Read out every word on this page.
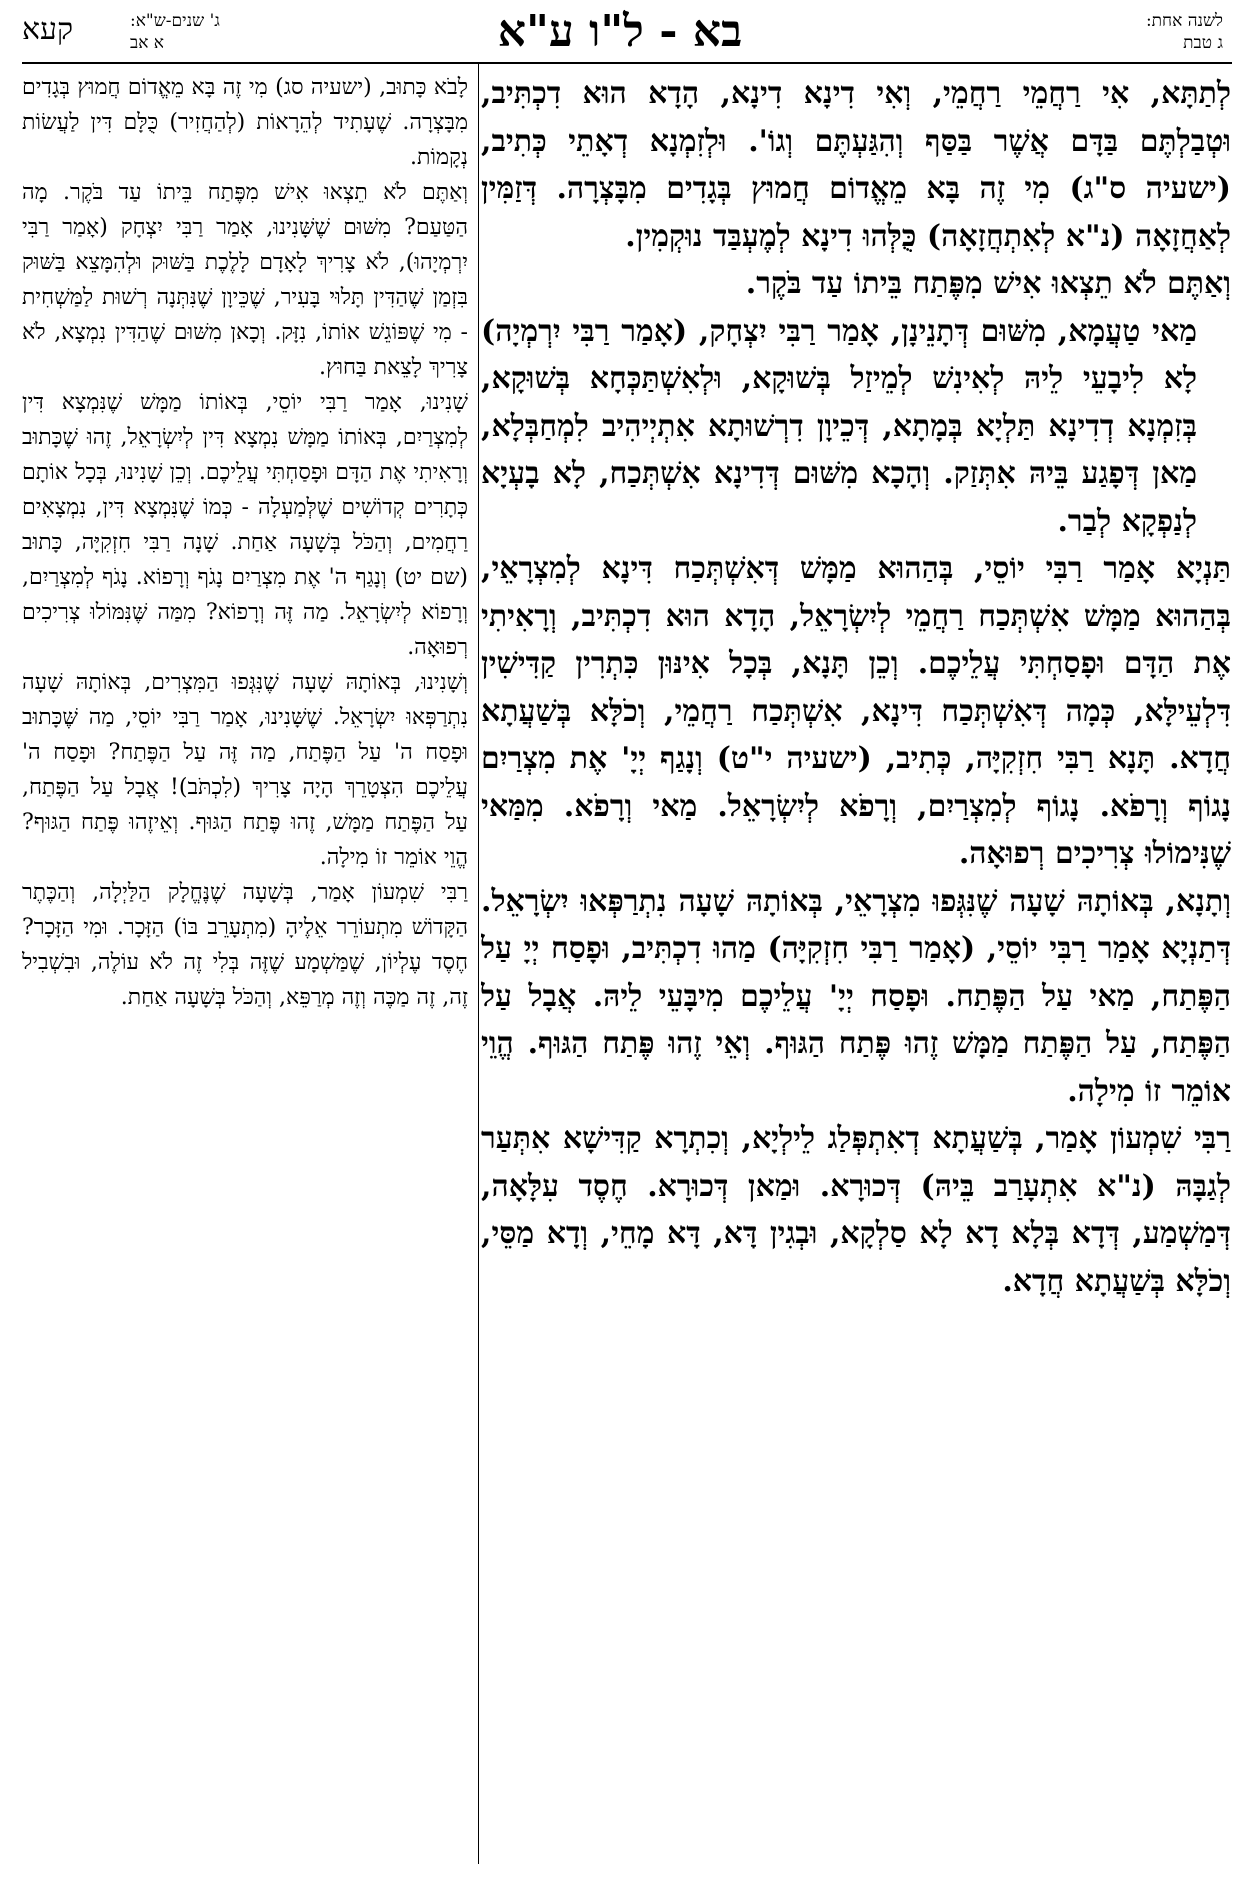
לשנה אחת:
ג טבת
בא - ל"ו ע"א
ג' שנים-ש"א:
א אב
קעא

לְתַתָּא, אִי רַחֲמֵי רַחֲמֵי, וְאִי דִינָא דִינָא, הָדָא הוּא דִכְתִּיב, וּטְבַלְתֶּם בַּדָּם אֲשֶׁר בַּסַּף וְהִגַּעְתֶּם וְגוֹ'. וּלְזִמְנָא דְאָתֵי כְּתִיב, (ישעיה ס"ג) מִי זֶה בָּא מֵאֱדוֹם חֲמוּץ בְּגָדִים מִבָּצְרָה. דְּזַמִּין לְאַחֲזָאָה (נ"א לְאִתְחֲזָאָה) כֻּלְּהוּ דִינָא לְמֶעְבַּד נוּקְמִין.

וְאַתֶּם לֹא תֵצְאוּ אִישׁ מִפֶּתַח בֵּיתוֹ עַד בֹּקֶר.

מַאי טַעֲמָא, מִשּׁוּם דְּתָנֵינָן, אָמַר רַבִּי יִצְחָק, (אָמַר רַבִּי יִרְמְיָה) לָא לִיבָעֵי לֵיהּ לְאִינִשׁ לְמֵיזַל בְּשׁוּקָא, וּלְאִשְׁתַּכְּחָא בְּשׁוּקָא, בְּזִמְנָא דְדִינָא תַּלְיָא בְּמָתָא, דְּכֵיוָן דִרְשׁוּתָא אִתְיְיהִיב לִמְחַבְּלָא, מַאן דְּפָגַע בֵּיהּ אִתְּזַק. וְהָכָא מִשּׁוּם דְּדִינָא אִשְׁתְּכַח, לָא בָעְיָא לְנַפְקָא לְבַר.

תַּנְיָא אָמַר רַבִּי יוֹסֵי, בְּהַהוּא מַמָּשׁ דְּאִשְׁתְּכַח דִּינָא לְמִצְרָאֵי, בְּהַהוּא מַמָּשׁ אִשְׁתְּכַח רַחֲמֵי לְיִשְׂרָאֵל, הָדָא הוּא דִכְתִּיב, וְרָאִיתִי אֶת הַדָּם וּפָסַחְתִּי עֲלֵיכֶם. וְכֵן תָּנָא, בְּכָל אִינּוּן כִּתְרִין קַדִּישִׁין דִּלְעֵילָּא, כְּמָה דְּאִשְׁתְּכַח דִּינָא, אִשְׁתְּכַח רַחֲמֵי, וְכֹלָּא בְּשַׁעֲתָא חֲדָא. תָּנָא רַבִּי חִזְקִיָּה, כְּתִיב, (ישעיה י"ט) וְנָגַף יְיָ' אֶת מִצְרַיִם נָגוֹף וְרָפֹא. נָגוֹף לְמִצְרַיִם, וְרָפֹא לְיִשְׂרָאֵל. מַאי וְרָפֹא. מִמַּאי שֶׁנִּימוֹלוּ צְרִיכִים רְפוּאָה.

וְתָנָא, בְּאוֹתָהּ שָׁעָה שֶׁנִּגְּפוּ מִצְרָאֵי, בְּאוֹתָהּ שָׁעָה נִתְרַפְּאוּ יִשְׂרָאֵל. דְּתַנְיָא אָמַר רַבִּי יוֹסֵי, (אָמַר רַבִּי חִזְקִיָּה) מַהוּ דִכְתִּיב, וּפָסַח יְיָ עַל הַפֶּתַח, מַאי עַל הַפֶּתַח. וּפָסַח יְיָ' עֲלֵיכֶם מִיבָּעֵי לֵיהּ. אֲבָל עַל הַפֶּתַח, עַל הַפֶּתַח מַמָּשׁ זֶהוּ פֶּתַח הַגּוּף. וְאֵי זֶהוּ פֶּתַח הַגּוּף. הֱוֵי אוֹמֵר זוֹ מִילָה.

רַבִּי שִׁמְעוֹן אָמַר, בְּשַׁעֲתָא דְאִתְפְּלַג לֵילְיָא, וְכִתְרָא קַדִּישָׁא אִתְּעַר לְגַבָּהּ (נ"א אִתְעָרַב בֵּיהּ) דְּכוּרָא. וּמַאן דְּכוּרָא. חֶסֶד עִלָּאָה, דְּמַשְׁמַע, דְּדָא בְּלָא דָא לָא סַלְקָא, וּבְגִין דָּא, דָּא מָחֵי, וְדָא מַסֵּי, וְכֹלָּא בְּשַׁעֲתָא חֲדָא.

לָבֹא כָּתוּב, (ישעיה סג) מִי זֶה בָּא מֵאֱדוֹם חֲמוּץ בְּגָדִים מִבָּצְרָה. שֶׁעָתִיד לְהֵרָאוֹת (לְהַחֲזִיר) כֻּלָּם דִּין לַעֲשׂוֹת נְקָמוֹת.

וְאַתֶּם לֹא תֵצְאוּ אִישׁ מִפֶּתַח בֵּיתוֹ עַד בֹּקֶר. מָה הַטַּעַם? מִשּׁוּם שֶׁשָּׁנִינוּ, אָמַר רַבִּי יִצְחָק (אָמַר רַבִּי יִרְמְיָהוּ), לֹא צָרִיךְ לָאָדָם לָלֶכֶת בַּשּׁוּק וּלְהִמָּצֵא בַּשּׁוּק בִּזְמַן שֶׁהַדִּין תָּלוּי בָּעִיר, שֶׁכֵּיוָן שֶׁנִּתְּנָה רְשׁוּת לַמַּשְׁחִית - מִי שֶׁפּוֹגֵשׁ אוֹתוֹ, נִזָּק. וְכָאן מִשּׁוּם שֶׁהַדִּין נִמְצָא, לֹא צָרִיךְ לָצֵאת בַּחוּץ.

שָׁנִינוּ, אָמַר רַבִּי יוֹסֵי, בְּאוֹתוֹ מַמָּשׁ שֶׁנִּמְצָא דִּין לְמִצְרַיִם, בְּאוֹתוֹ מַמָּשׁ נִמְצָא דִּין לְיִשְׂרָאֵל, זֶהוּ שֶׁכָּתוּב וְרָאִיתִי אֶת הַדָּם וּפָסַחְתִּי עֲלֵיכֶם. וְכֵן שָׁנִינוּ, בְּכָל אוֹתָם כְּתָרִים קְדוֹשִׁים שֶׁלְּמַעְלָה - כְּמוֹ שֶׁנִּמְצָא דִּין, נִמְצָאִים רַחֲמִים, וְהַכֹּל בְּשָׁעָה אַחַת. שָׁנָה רַבִּי חִזְקִיָּה, כָּתוּב (שם יט) וְנָגַף ה' אֶת מִצְרַיִם נָגֹף וְרָפוֹא. נָגֹף לְמִצְרַיִם, וְרָפוֹא לְיִשְׂרָאֵל. מַה זֶּה וְרָפוֹא? מִמַּה שֶּׁנִּמּוֹלוּ צְרִיכִים רְפוּאָה.

וְשָׁנִינוּ, בְּאוֹתָהּ שָׁעָה שֶׁנִּגְּפוּ הַמִּצְרִים, בְּאוֹתָהּ שָׁעָה נִתְרַפְּאוּ יִשְׂרָאֵל. שֶׁשָּׁנִינוּ, אָמַר רַבִּי יוֹסֵי, מַה שֶּׁכָּתוּב וּפָסַח ה' עַל הַפֶּתַח, מַה זֶּה עַל הַפֶּתַח? וּפָסַח ה' עֲלֵיכֶם הִצְטָרֵךְ הָיָה צָרִיךְ (לִכְתֹּב)! אֲבָל עַל הַפֶּתַח, עַל הַפֶּתַח מַמָּשׁ, זֶהוּ פֶּתַח הַגּוּף. וְאֵיזֶהוּ פֶּתַח הַגּוּף? הֱוֵי אוֹמֵר זוֹ מִילָה.

רַבִּי שִׁמְעוֹן אָמַר, בְּשָׁעָה שֶׁנֶּחֱלָק הַלַּיְלָה, וְהַכֶּתֶר הַקָּדוֹשׁ מִתְעוֹרֵר אֵלֶיהָ (מִתְעָרֵב בּוֹ) הַזָּכָר. וּמִי הַזָּכָר? חֶסֶד עֶלְיוֹן, שֶׁמַּשְׁמָע שֶׁזֶּה בְּלִי זֶה לֹא עוֹלֶה, וּבִשְׁבִיל זֶה, זֶה מַכֶּה וְזֶה מְרַפֵּא, וְהַכֹּל בְּשָׁעָה אַחַת.
